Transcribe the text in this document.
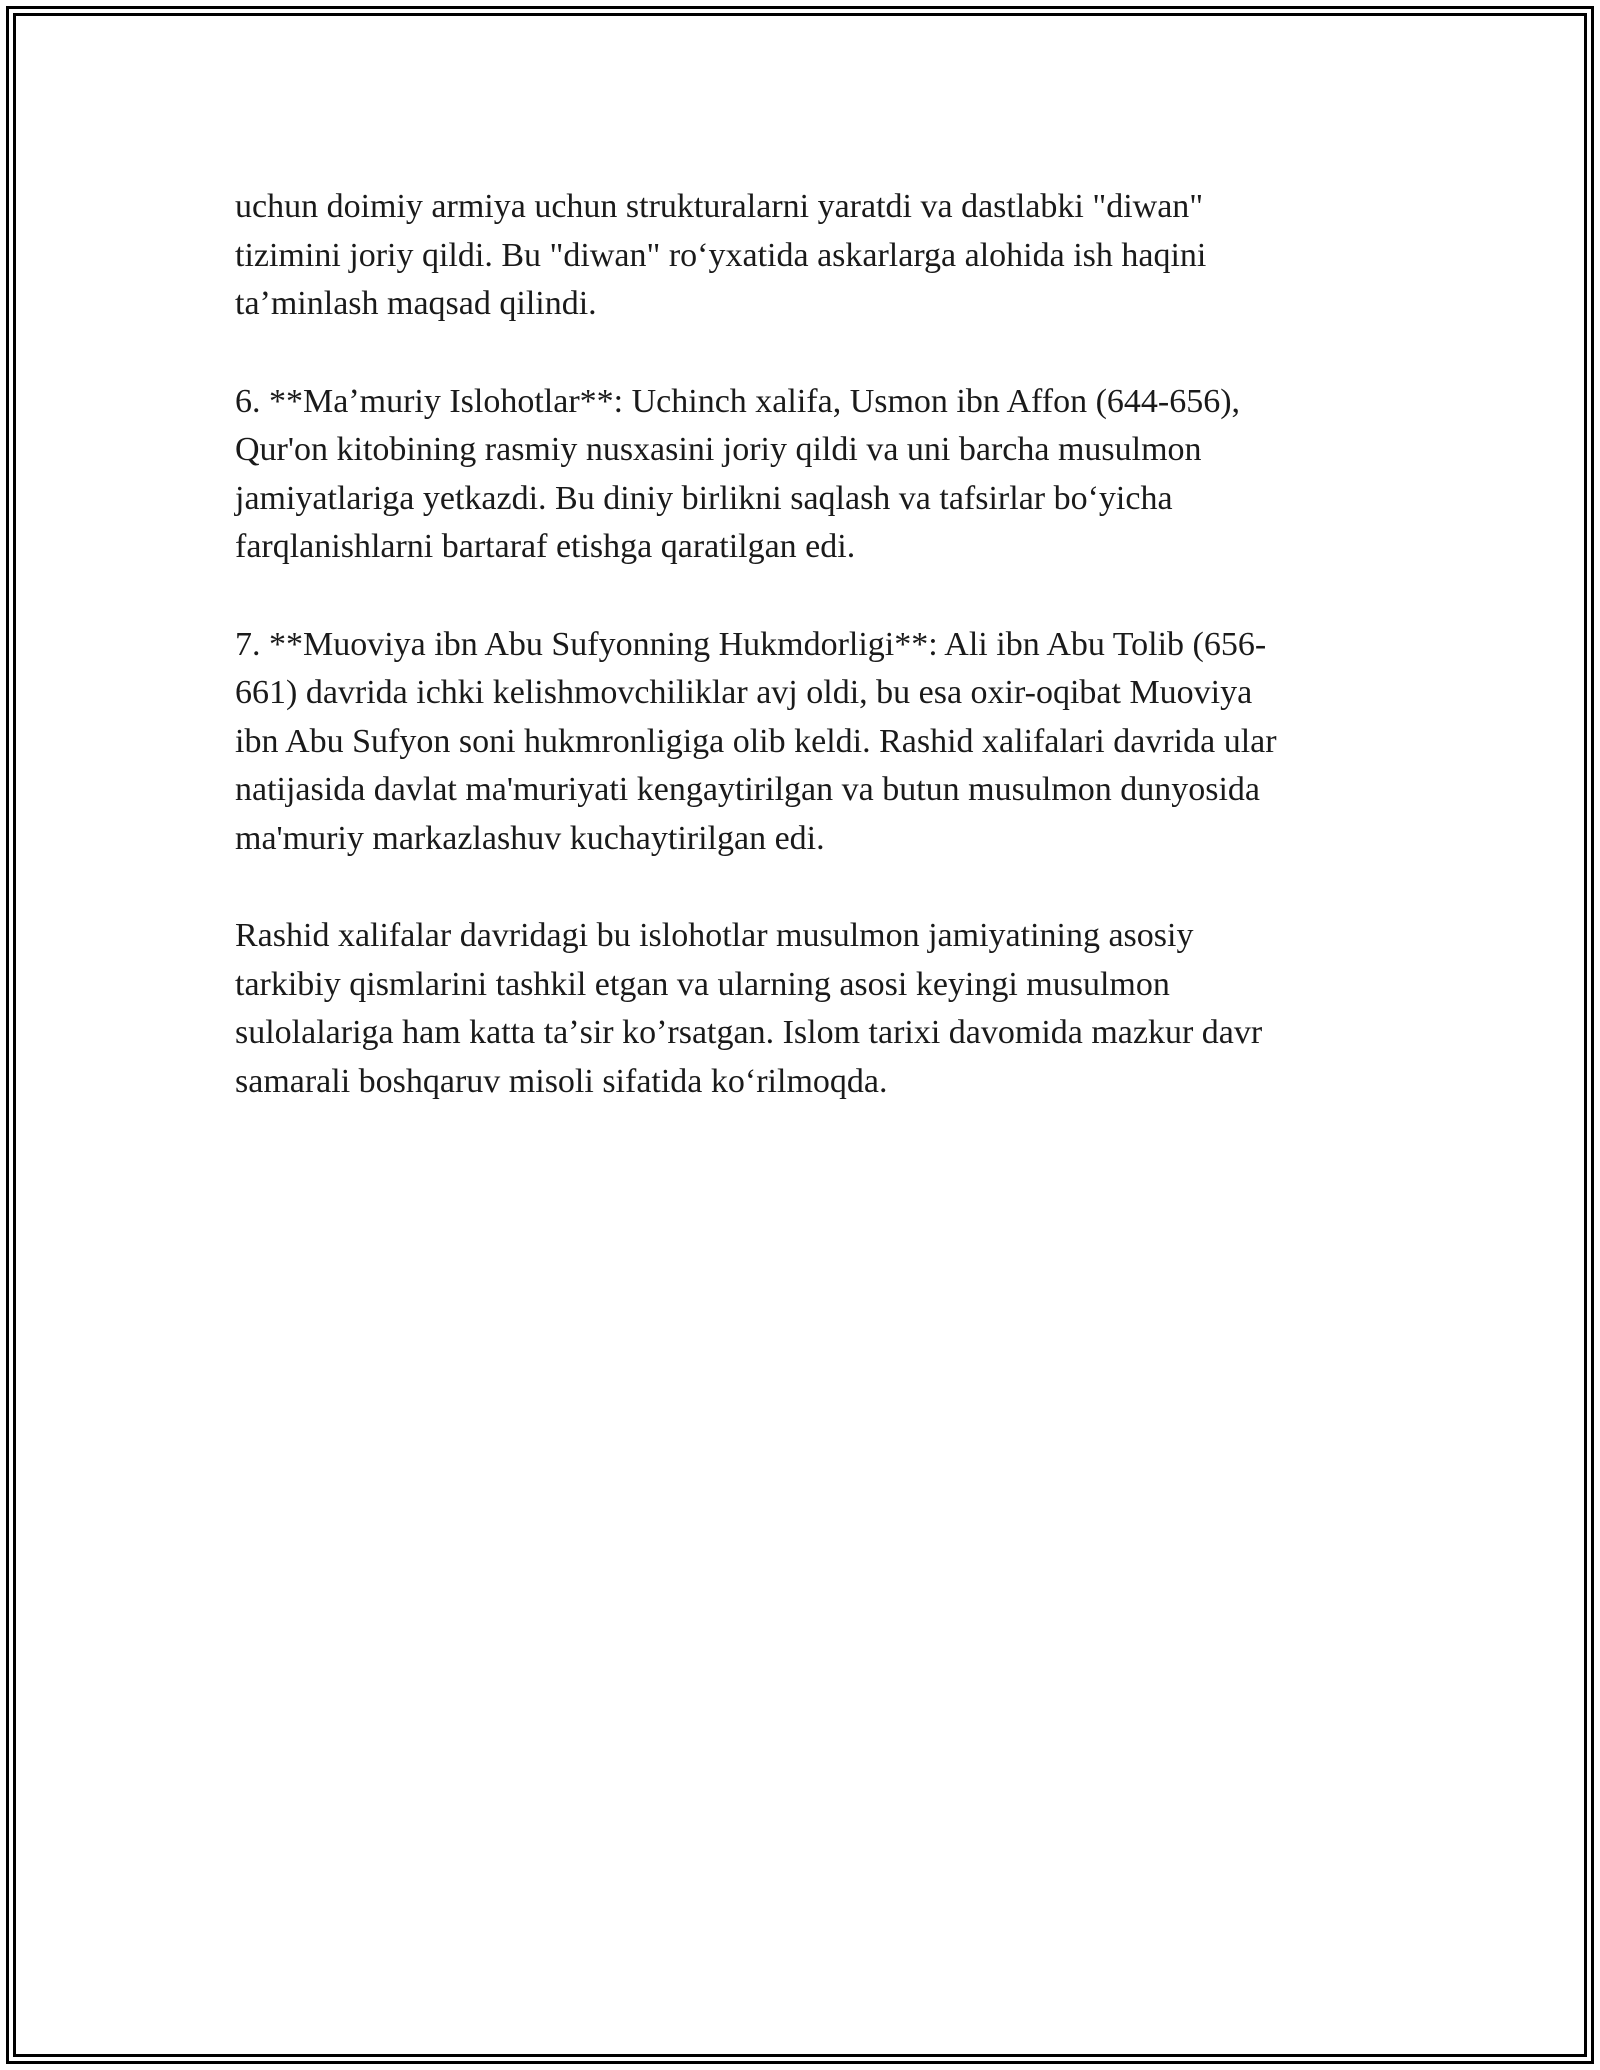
uchun doimiy armiya uchun strukturalarni yaratdi va dastlabki "diwan"
tizimini joriy qildi. Bu "diwan" roʻyxatida askarlarga alohida ish haqini
taʼminlash maqsad qilindi.

6. **Maʼmuriy Islohotlar**: Uchinch xalifa, Usmon ibn Affon (644-656),
Qur'on kitobining rasmiy nusxasini joriy qildi va uni barcha musulmon
jamiyatlariga yetkazdi. Bu diniy birlikni saqlash va tafsirlar boʻyicha
farqlanishlarni bartaraf etishga qaratilgan edi.

7. **Muoviya ibn Abu Sufyonning Hukmdorligi**: Ali ibn Abu Tolib (656-
661) davrida ichki kelishmovchiliklar avj oldi, bu esa oxir-oqibat Muoviya
ibn Abu Sufyon soni hukmronligiga olib keldi. Rashid xalifalari davrida ular
natijasida davlat ma'muriyati kengaytirilgan va butun musulmon dunyosida
ma'muriy markazlashuv kuchaytirilgan edi.

Rashid xalifalar davridagi bu islohotlar musulmon jamiyatining asosiy
tarkibiy qismlarini tashkil etgan va ularning asosi keyingi musulmon
sulolalariga ham katta taʼsir koʼrsatgan. Islom tarixi davomida mazkur davr
samarali boshqaruv misoli sifatida koʻrilmoqda.
